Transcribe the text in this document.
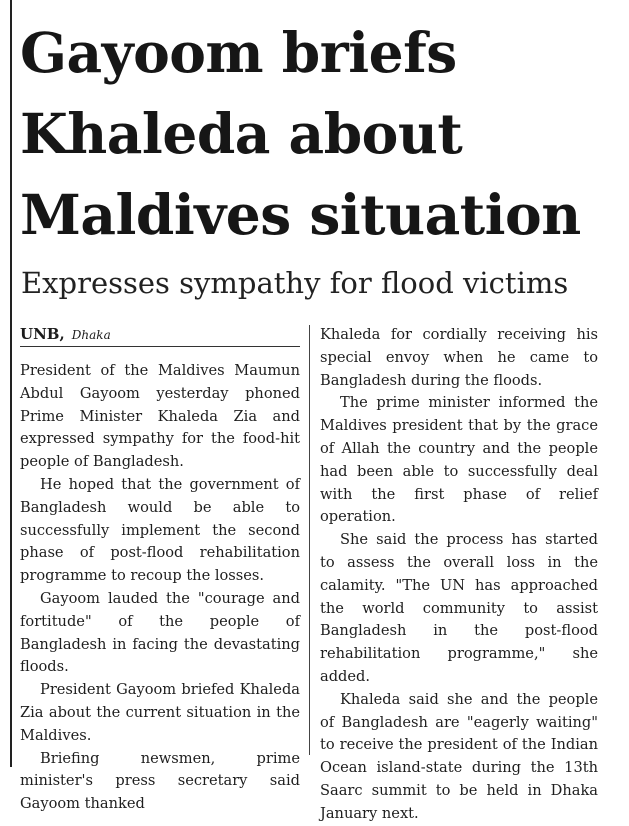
Gayoom briefs
Khaleda about
Maldives situation
Expresses sympathy for flood victims
UNB, Dhaka

President of the Maldives Maumun Abdul Gayoom yesterday phoned Prime Minister Khaleda Zia and expressed sympathy for the food-hit people of Bangladesh.

He hoped that the government of Bangladesh would be able to successfully implement the second phase of post-flood rehabilitation programme to recoup the losses.

Gayoom lauded the "courage and fortitude" of the people of Bangladesh in facing the devastating floods.

President Gayoom briefed Khaleda Zia about the current situation in the Maldives.

Briefing newsmen, prime minister's press secretary said Gayoom thanked

Khaleda for cordially receiving his special envoy when he came to Bangladesh during the floods.

The prime minister informed the Maldives president that by the grace of Allah the country and the people had been able to successfully deal with the first phase of relief operation.

She said the process has started to assess the overall loss in the calamity. "The UN has approached the world community to assist Bangladesh in the post-flood rehabilitation programme," she added.

Khaleda said she and the people of Bangladesh are "eagerly waiting" to receive the president of the Indian Ocean island-state during the 13th Saarc summit to be held in Dhaka January next.
